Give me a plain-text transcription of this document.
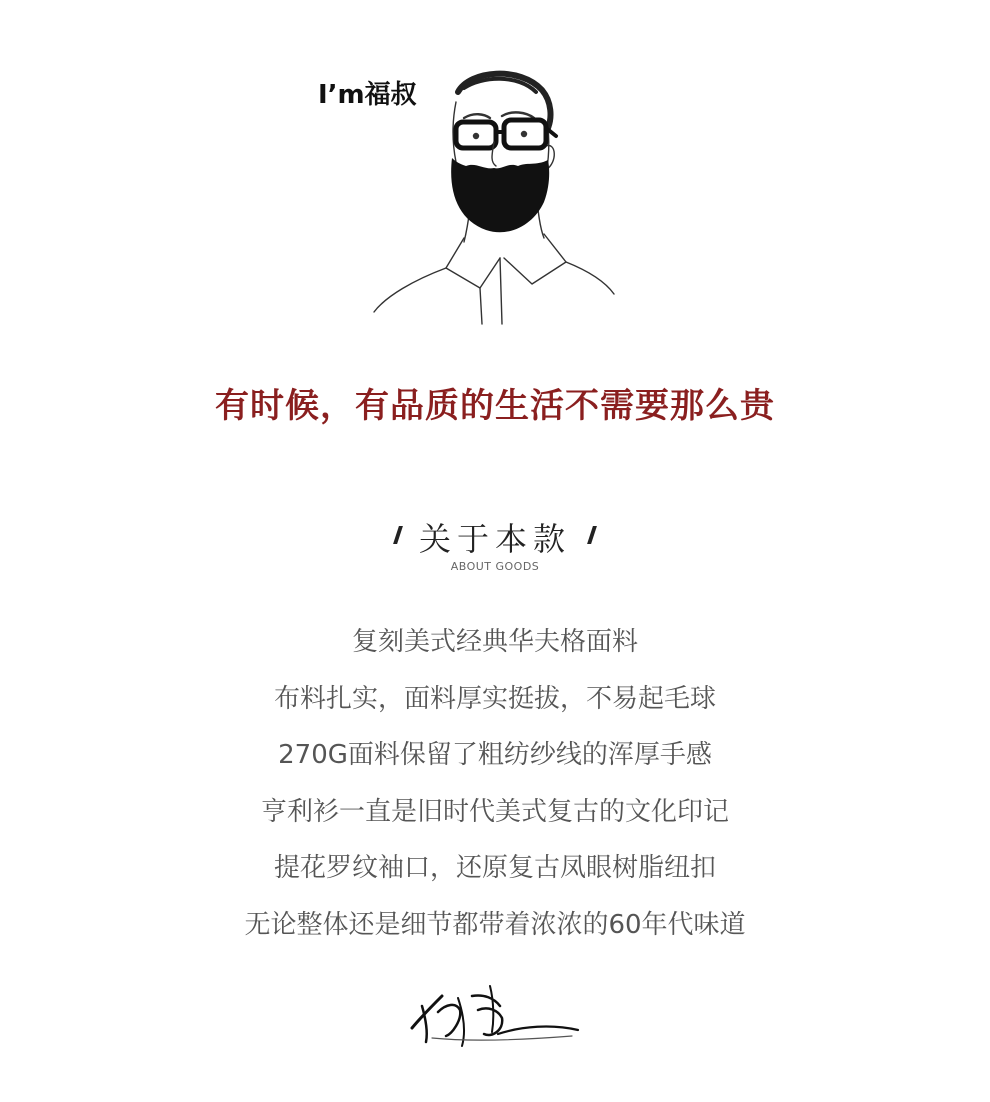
I’m福叔
有时候，有品质的生活不需要那么贵
关于本款
ABOUT GOODS
复刻美式经典华夫格面料
布料扎实，面料厚实挺拔，不易起毛球
270G面料保留了粗纺纱线的浑厚手感
亨利衫一直是旧时代美式复古的文化印记
提花罗纹袖口，还原复古凤眼树脂纽扣
无论整体还是细节都带着浓浓的60年代味道
